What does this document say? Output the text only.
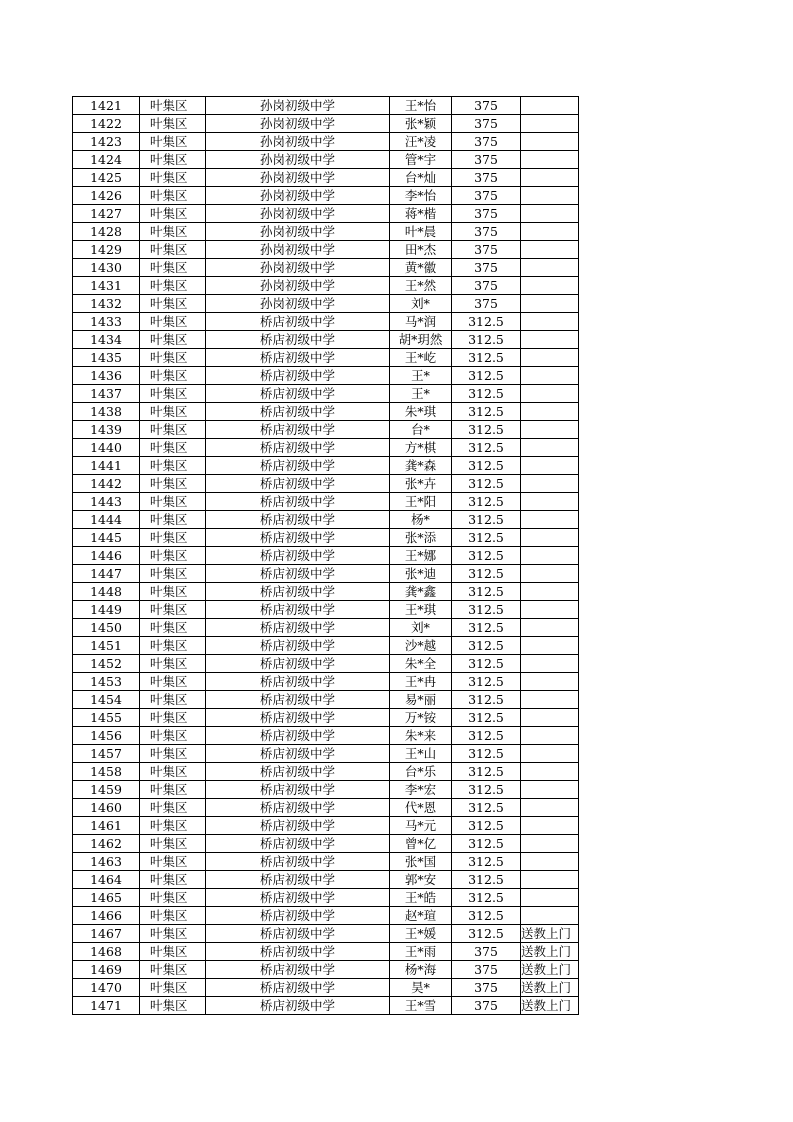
1421	叶集区	孙岗初级中学	王*怡	375	
1422	叶集区	孙岗初级中学	张*颖	375	
1423	叶集区	孙岗初级中学	汪*凌	375	
1424	叶集区	孙岗初级中学	管*宇	375	
1425	叶集区	孙岗初级中学	台*灿	375	
1426	叶集区	孙岗初级中学	李*怡	375	
1427	叶集区	孙岗初级中学	蒋*楷	375	
1428	叶集区	孙岗初级中学	叶*晨	375	
1429	叶集区	孙岗初级中学	田*杰	375	
1430	叶集区	孙岗初级中学	黄*徽	375	
1431	叶集区	孙岗初级中学	王*然	375	
1432	叶集区	孙岗初级中学	刘*	375	
1433	叶集区	桥店初级中学	马*润	312.5	
1434	叶集区	桥店初级中学	胡*玥然	312.5	
1435	叶集区	桥店初级中学	王*屹	312.5	
1436	叶集区	桥店初级中学	王*	312.5	
1437	叶集区	桥店初级中学	王*	312.5	
1438	叶集区	桥店初级中学	朱*琪	312.5	
1439	叶集区	桥店初级中学	台*	312.5	
1440	叶集区	桥店初级中学	方*棋	312.5	
1441	叶集区	桥店初级中学	龚*森	312.5	
1442	叶集区	桥店初级中学	张*卉	312.5	
1443	叶集区	桥店初级中学	王*阳	312.5	
1444	叶集区	桥店初级中学	杨*	312.5	
1445	叶集区	桥店初级中学	张*添	312.5	
1446	叶集区	桥店初级中学	王*娜	312.5	
1447	叶集区	桥店初级中学	张*迪	312.5	
1448	叶集区	桥店初级中学	龚*鑫	312.5	
1449	叶集区	桥店初级中学	王*琪	312.5	
1450	叶集区	桥店初级中学	刘*	312.5	
1451	叶集区	桥店初级中学	沙*越	312.5	
1452	叶集区	桥店初级中学	朱*全	312.5	
1453	叶集区	桥店初级中学	王*冉	312.5	
1454	叶集区	桥店初级中学	易*丽	312.5	
1455	叶集区	桥店初级中学	万*铵	312.5	
1456	叶集区	桥店初级中学	朱*来	312.5	
1457	叶集区	桥店初级中学	王*山	312.5	
1458	叶集区	桥店初级中学	台*乐	312.5	
1459	叶集区	桥店初级中学	李*宏	312.5	
1460	叶集区	桥店初级中学	代*恩	312.5	
1461	叶集区	桥店初级中学	马*元	312.5	
1462	叶集区	桥店初级中学	曾*亿	312.5	
1463	叶集区	桥店初级中学	张*国	312.5	
1464	叶集区	桥店初级中学	郭*安	312.5	
1465	叶集区	桥店初级中学	王*皓	312.5	
1466	叶集区	桥店初级中学	赵*瑄	312.5	
1467	叶集区	桥店初级中学	王*媛	312.5	送教上门
1468	叶集区	桥店初级中学	王*雨	375	送教上门
1469	叶集区	桥店初级中学	杨*海	375	送教上门
1470	叶集区	桥店初级中学	昊*	375	送教上门
1471	叶集区	桥店初级中学	王*雪	375	送教上门
